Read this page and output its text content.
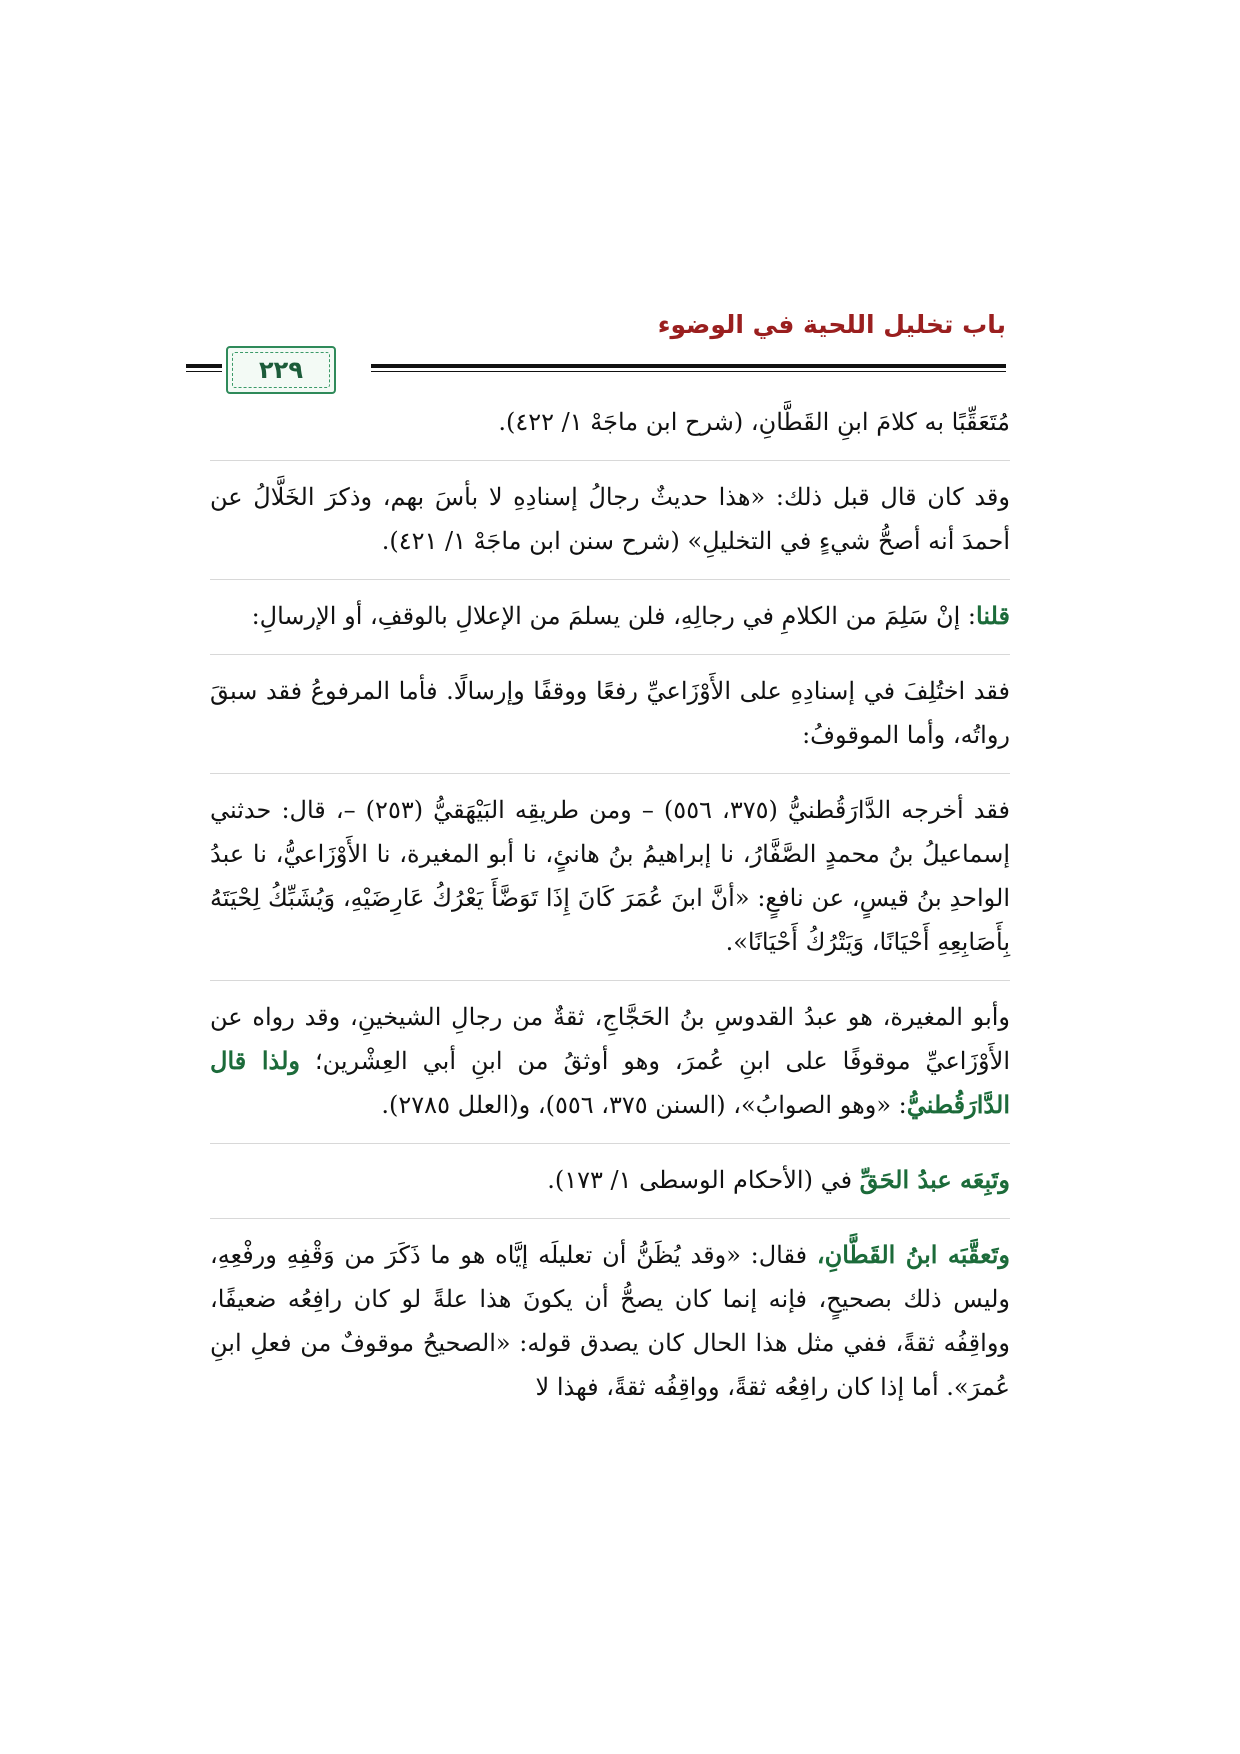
باب تخليل اللحية في الوضوء
٢٢٩

مُتَعَقِّبًا به كلامَ ابنِ القَطَّانِ، (شرح ابن ماجَهْ ١/ ٤٢٢).

وقد كان قال قبل ذلك: «هذا حديثٌ رجالُ إسنادِهِ لا بأسَ بهم، وذكرَ الخَلَّالُ عن أحمدَ أنه أصحُّ شيءٍ في التخليلِ» (شرح سنن ابن ماجَهْ ١/ ٤٢١).

قلنا: إنْ سَلِمَ من الكلامِ في رجالِهِ، فلن يسلمَ من الإعلالِ بالوقفِ، أو الإرسالِ:

فقد اختُلِفَ في إسنادِهِ على الأَوْزَاعيِّ رفعًا ووقفًا وإرسالًا. فأما المرفوعُ فقد سبقَ رواتُه، وأما الموقوفُ:

فقد أخرجه الدَّارَقُطنيُّ (٣٧٥، ٥٥٦) – ومن طريقِه البَيْهَقيُّ (٢٥٣) –، قال: حدثني إسماعيلُ بنُ محمدٍ الصَّفَّارُ، نا إبراهيمُ بنُ هانئٍ، نا أبو المغيرة، نا الأَوْزَاعيُّ، نا عبدُ الواحدِ بنُ قيسٍ، عن نافعٍ: «أنَّ ابنَ عُمَرَ كَانَ إِذَا تَوَضَّأَ يَعْرُكُ عَارِضَيْهِ، وَيُشَبِّكُ لِحْيَتَهُ بِأَصَابِعِهِ أَحْيَانًا، وَيَتْرُكُ أَحْيَانًا».

وأبو المغيرة، هو عبدُ القدوسِ بنُ الحَجَّاجِ، ثقةٌ من رجالِ الشيخينِ، وقد رواه عن الأَوْزَاعيِّ موقوفًا على ابنِ عُمرَ، وهو أوثقُ من ابنِ أبي العِشْرين؛ ولذا قال الدَّارَقُطنيُّ: «وهو الصوابُ»، (السنن ٣٧٥، ٥٥٦)، و(العلل ٢٧٨٥).

وتَبِعَه عبدُ الحَقِّ في (الأحكام الوسطى ١/ ١٧٣).

وتَعقَّبَه ابنُ القَطَّانِ، فقال: «وقد يُظَنُّ أن تعليلَه إيَّاه هو ما ذَكَرَ من وَقْفِهِ ورفْعِهِ، وليس ذلك بصحيحٍ، فإنه إنما كان يصحُّ أن يكونَ هذا علةً لو كان رافِعُه ضعيفًا، وواقِفُه ثقةً، ففي مثل هذا الحال كان يصدق قوله: «الصحيحُ موقوفٌ من فعلِ ابنِ عُمرَ». أما إذا كان رافِعُه ثقةً، وواقِفُه ثقةً، فهذا لا
